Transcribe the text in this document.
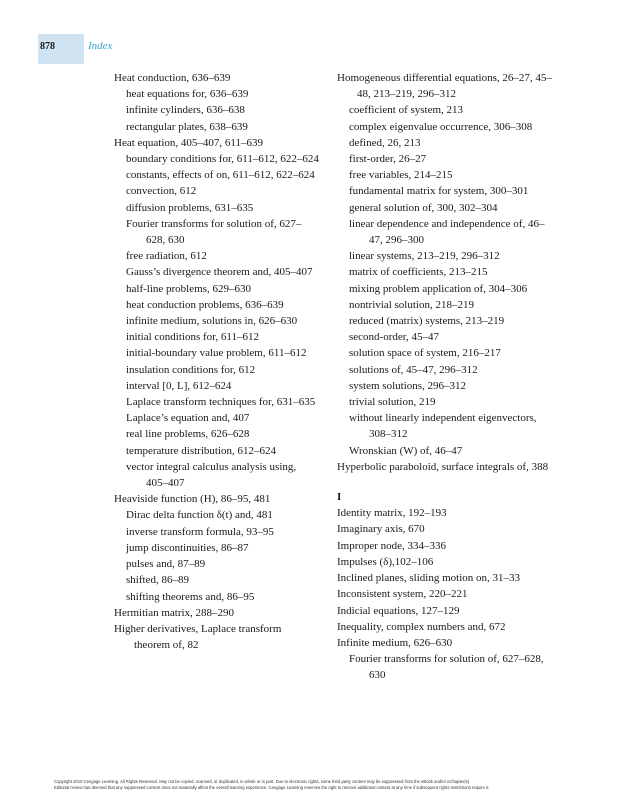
878	Index
Heat conduction, 636–639
heat equations for, 636–639
infinite cylinders, 636–638
rectangular plates, 638–639
Heat equation, 405–407, 611–639
boundary conditions for, 611–612, 622–624
constants, effects of on, 611–612, 622–624
convection, 612
diffusion problems, 631–635
Fourier transforms for solution of, 627–628, 630
free radiation, 612
Gauss’s divergence theorem and, 405–407
half-line problems, 629–630
heat conduction problems, 636–639
infinite medium, solutions in, 626–630
initial conditions for, 611–612
initial-boundary value problem, 611–612
insulation conditions for, 612
interval [0, L], 612–624
Laplace transform techniques for, 631–635
Laplace’s equation and, 407
real line problems, 626–628
temperature distribution, 612–624
vector integral calculus analysis using, 405–407
Heaviside function (H), 86–95, 481
Dirac delta function δ(t) and, 481
inverse transform formula, 93–95
jump discontinuities, 86–87
pulses and, 87–89
shifted, 86–89
shifting theorems and, 86–95
Hermitian matrix, 288–290
Higher derivatives, Laplace transform theorem of, 82
Homogeneous differential equations, 26–27, 45–48, 213–219, 296–312
coefficient of system, 213
complex eigenvalue occurrence, 306–308
defined, 26, 213
first-order, 26–27
free variables, 214–215
fundamental matrix for system, 300–301
general solution of, 300, 302–304
linear dependence and independence of, 46–47, 296–300
linear systems, 213–219, 296–312
matrix of coefficients, 213–215
mixing problem application of, 304–306
nontrivial solution, 218–219
reduced (matrix) systems, 213–219
second-order, 45–47
solution space of system, 216–217
solutions of, 45–47, 296–312
system solutions, 296–312
trivial solution, 219
without linearly independent eigenvectors, 308–312
Wronskian (W) of, 46–47
Hyperbolic paraboloid, surface integrals of, 388
I
Identity matrix, 192–193
Imaginary axis, 670
Improper node, 334–336
Impulses (δ),102–106
Inclined planes, sliding motion on, 31–33
Inconsistent system, 220–221
Indicial equations, 127–129
Inequality, complex numbers and, 672
Infinite medium, 626–630
Fourier transforms for solution of, 627–628, 630
Copyright 2010 Cengage Learning. All Rights Reserved. May not be copied, scanned, or duplicated, in whole or in part. Due to electronic rights, some third party content may be suppressed from the eBook and/or eChapter(s).
Editorial review has deemed that any suppressed content does not materially affect the overall learning experience. Cengage Learning reserves the right to remove additional content at any time if subsequent rights restrictions require it.
